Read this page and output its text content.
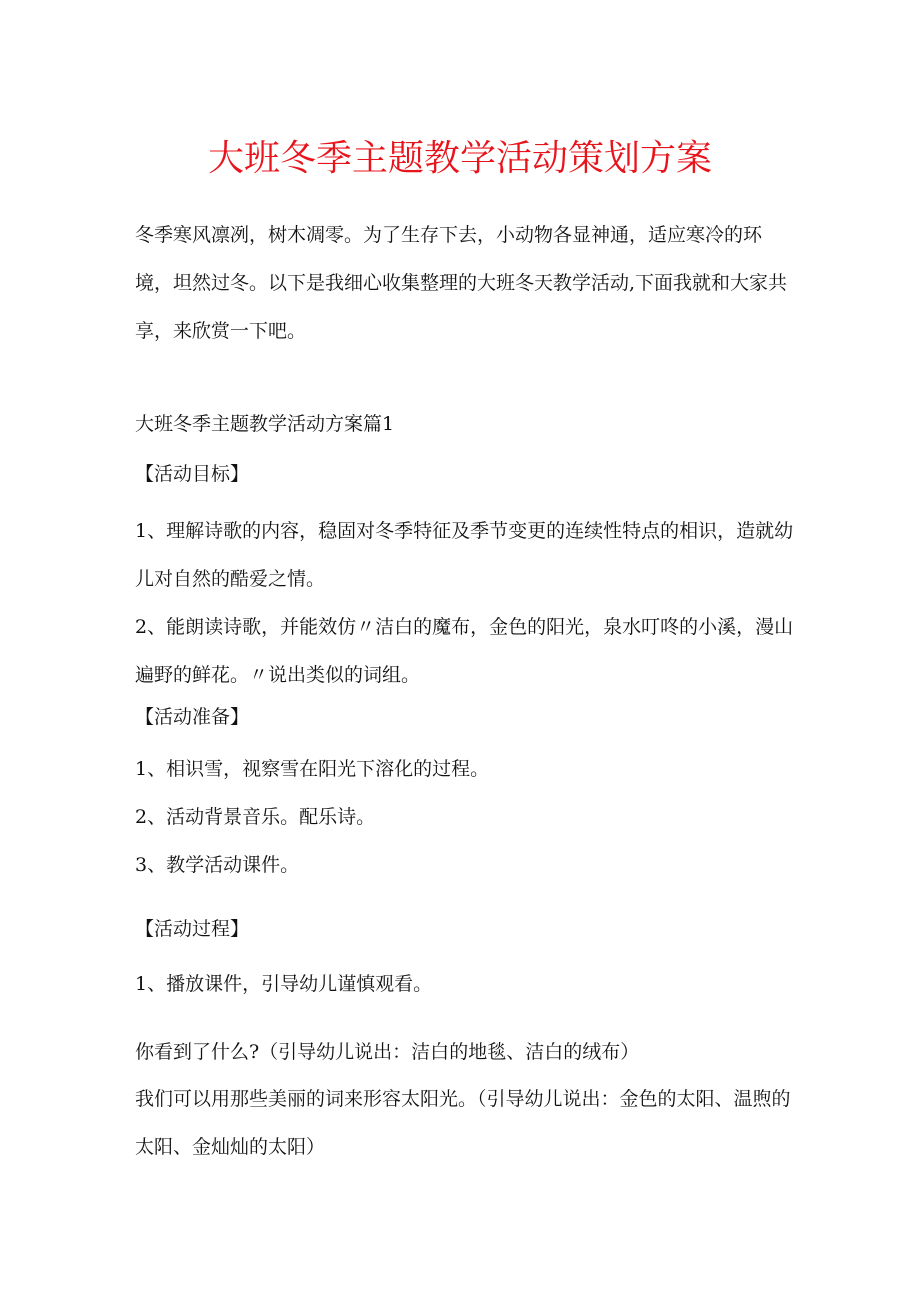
大班冬季主题教学活动策划方案

冬季寒风凛冽，树木凋零。为了生存下去，小动物各显神通，适应寒冷的环境，坦然过冬。以下是我细心收集整理的大班冬天教学活动,下面我就和大家共享，来欣赏一下吧。

大班冬季主题教学活动方案篇1
【活动目标】

1、理解诗歌的内容，稳固对冬季特征及季节变更的连续性特点的相识，造就幼儿对自然的酷爱之情。

2、能朗读诗歌，并能效仿〃洁白的魔布，金色的阳光，泉水叮咚的小溪，漫山遍野的鲜花。〃说出类似的词组。

【活动准备】
1、相识雪，视察雪在阳光下溶化的过程。
2、活动背景音乐。配乐诗。
3、教学活动课件。
【活动过程】
1、播放课件，引导幼儿谨慎观看。
你看到了什么?（引导幼儿说出：洁白的地毯、洁白的绒布）

我们可以用那些美丽的词来形容太阳光。（引导幼儿说出：金色的太阳、温煦的太阳、金灿灿的太阳）
